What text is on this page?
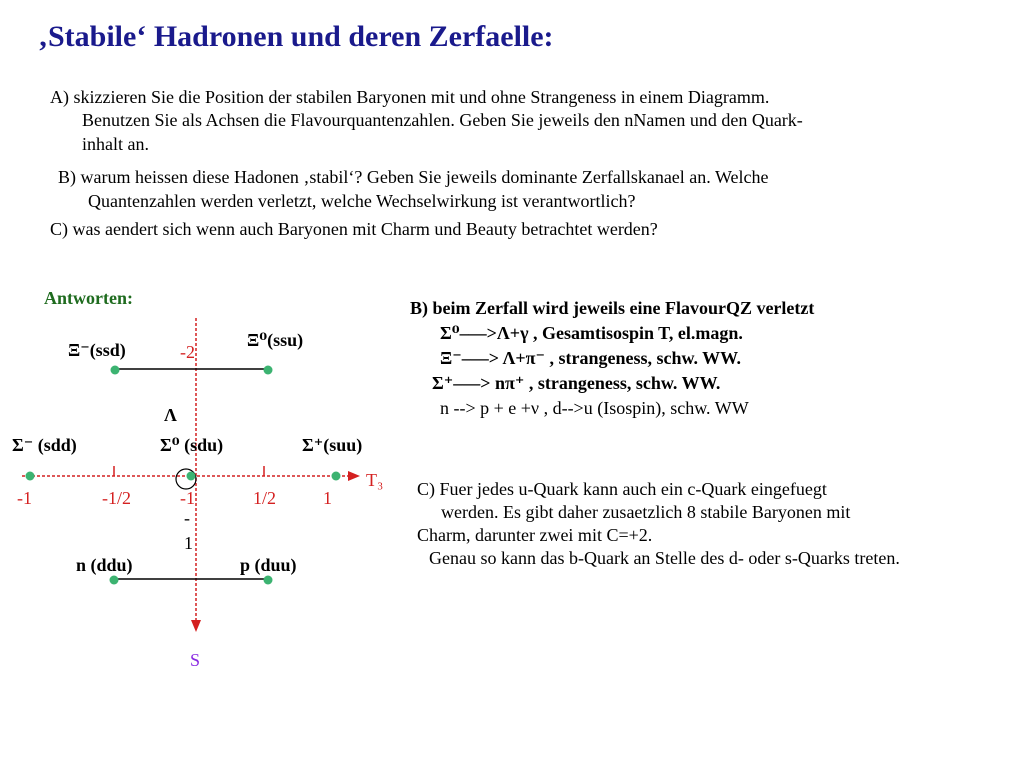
‚Stabile‘ Hadronen und deren Zerfaelle:
A) skizzieren Sie die Position der stabilen Baryonen mit und ohne Strangeness in einem Diagramm.
Benutzen Sie als Achsen die Flavourquantenzahlen. Geben Sie jeweils den nNamen und den Quark-
inhalt an.
B) warum heissen diese Hadonen ‚stabil‘? Geben Sie jeweils dominante Zerfallskanael an. Welche
Quantenzahlen werden verletzt, welche Wechselwirkung ist verantwortlich?
C) was aendert sich wenn auch Baryonen mit Charm und Beauty betrachtet werden?
Antworten:
Ξ⁻(ssd)	-2
Ξ⁰(ssu)
Λ
Σ⁻ (sdd)	Σ⁰ (sdu)	Σ⁺(suu)
T₃
-1	-1/2	-1	1/2	1
-
1
n (ddu)	p (duu)
S
B) beim Zerfall wird jeweils eine FlavourQZ verletzt
Σ⁰–—>Λ+γ , Gesamtisospin T, el.magn.
Ξ⁻–—> Λ+π⁻ , strangeness, schw. WW.
Σ⁺–—> nπ⁺ , strangeness, schw. WW.
n --> p + e +ν , d-->u (Isospin), schw. WW
C) Fuer jedes u-Quark kann auch ein c-Quark eingefuegt
werden. Es gibt daher zusaetzlich 8 stabile Baryonen mit
Charm, darunter zwei mit C=+2.
Genau so kann das b-Quark an Stelle des d- oder s-Quarks treten.
